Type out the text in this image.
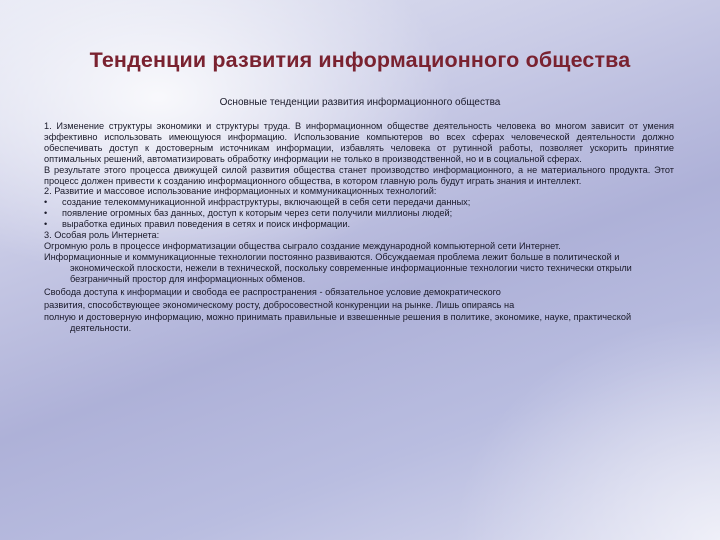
Тенденции развития информационного общества
Основные тенденции развития информационного общества

1. Изменение структуры экономики и структуры труда. В информационном обществе деятельность человека во многом зависит от умения эффективно использовать имеющуюся информацию. Использование компьютеров во всех сферах человеческой деятельности должно обеспечивать доступ к достоверным источникам информации, избавлять человека от рутинной работы, позволяет ускорить принятие оптимальных решений, автоматизировать обработку информации не только в производственной, но и в социальной сферах.

В результате этого процесса движущей силой развития общества станет производство информационного, а не материального продукта. Этот процесс должен привести к созданию информационного общества, в котором главную роль будут играть знания и интеллект.

2. Развитие и массовое использование информационных и коммуникационных технологий:

•	создание телекоммуникационной инфраструктуры, включающей в себя сети передачи данных;
•	появление огромных баз данных, доступ к которым через сети получили миллионы людей;
•	выработка единых правил поведения в сетях и поиск информации.

3. Особая роль Интернета:

Огромную роль в процессе информатизации общества сыграло создание международной компьютерной сети Интернет.

Информационные и коммуникационные технологии постоянно развиваются. Обсуждаемая проблема лежит больше в политической и экономической плоскости, нежели в технической, поскольку современные информационные технологии чисто технически открыли безграничный простор для информационных обменов.

Свобода доступа к информации и свобода ее распространения - обязательное условие демократического

развития, способствующее экономическому росту, добросовестной конкуренции на рынке. Лишь опираясь на

полную и достоверную информацию, можно принимать правильные и взвешенные решения в политике, экономике, науке, практической деятельности.
